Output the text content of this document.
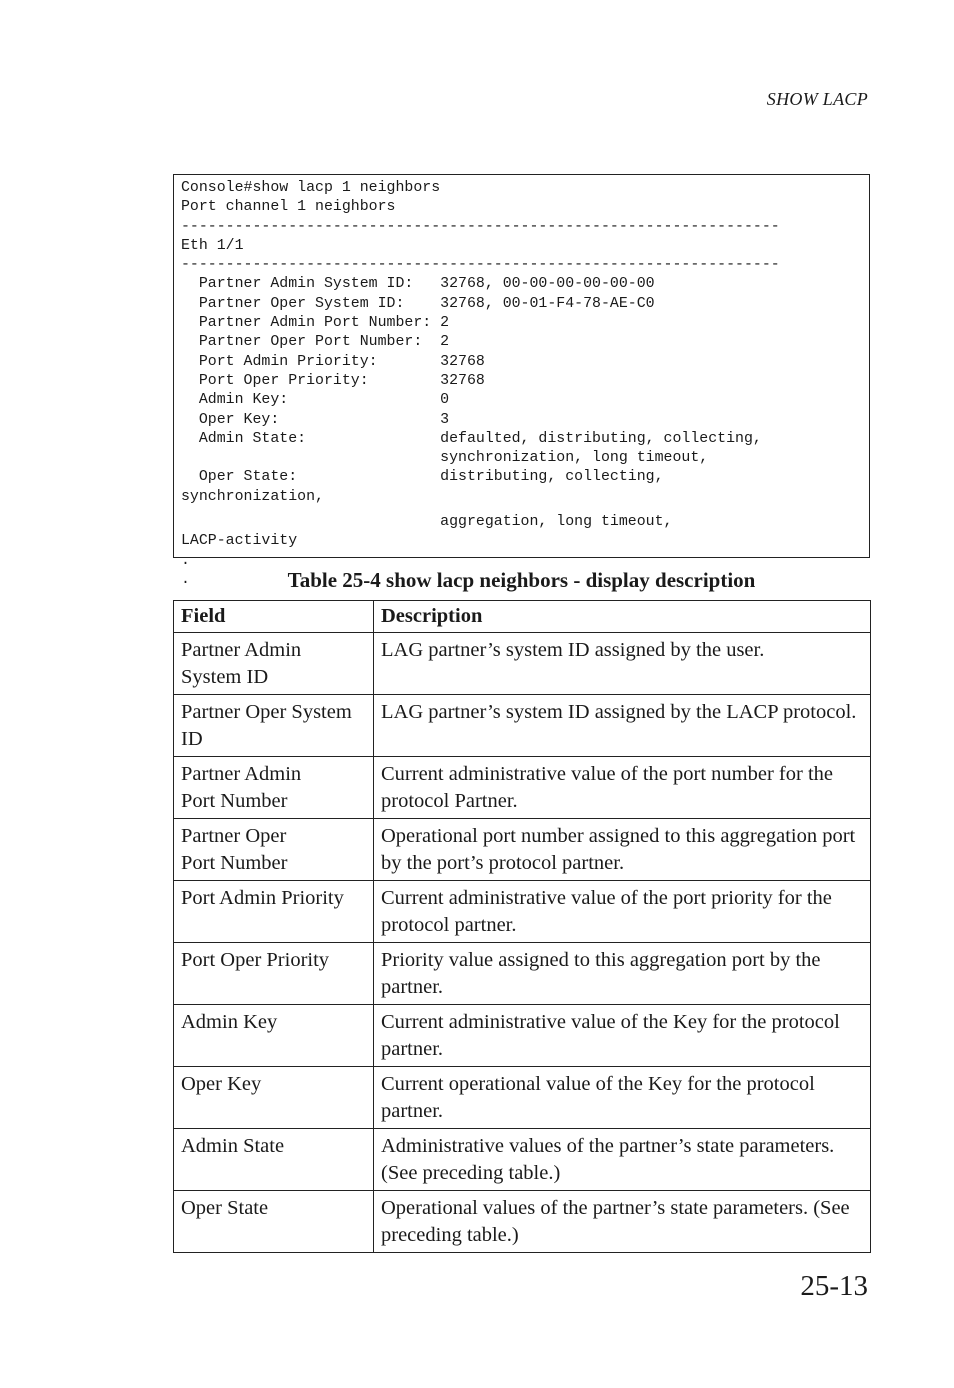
SHOW LACP
Console#show lacp 1 neighbors
Port channel 1 neighbors
-------------------------------------------------------------------
Eth 1/1
-------------------------------------------------------------------
Partner Admin System ID:   32768, 00-00-00-00-00-00
Partner Oper System ID:    32768, 00-01-F4-78-AE-C0
Partner Admin Port Number: 2
Partner Oper Port Number:  2
Port Admin Priority:       32768
Port Oper Priority:        32768
Admin Key:                 0
Oper Key:                  3
Admin State:               defaulted, distributing, collecting,
synchronization, long timeout,
Oper State:                distributing, collecting,
synchronization,
aggregation, long timeout,
LACP-activity
.
.	Table 25-4 show lacp neighbors - display description
Field	Description
Partner Admin
System ID	LAG partner’s system ID assigned by the user.
Partner Oper System ID	LAG partner’s system ID assigned by the LACP protocol.
Partner Admin
Port Number	Current administrative value of the port number for the protocol Partner.
Partner Oper
Port Number	Operational port number assigned to this aggregation port by the port’s protocol partner.
Port Admin Priority	Current administrative value of the port priority for the protocol partner.
Port Oper Priority	Priority value assigned to this aggregation port by the partner.
Admin Key	Current administrative value of the Key for the protocol partner.
Oper Key	Current operational value of the Key for the protocol partner.
Admin State	Administrative values of the partner’s state parameters. (See preceding table.)
Oper State	Operational values of the partner’s state parameters. (See preceding table.)
25-13
